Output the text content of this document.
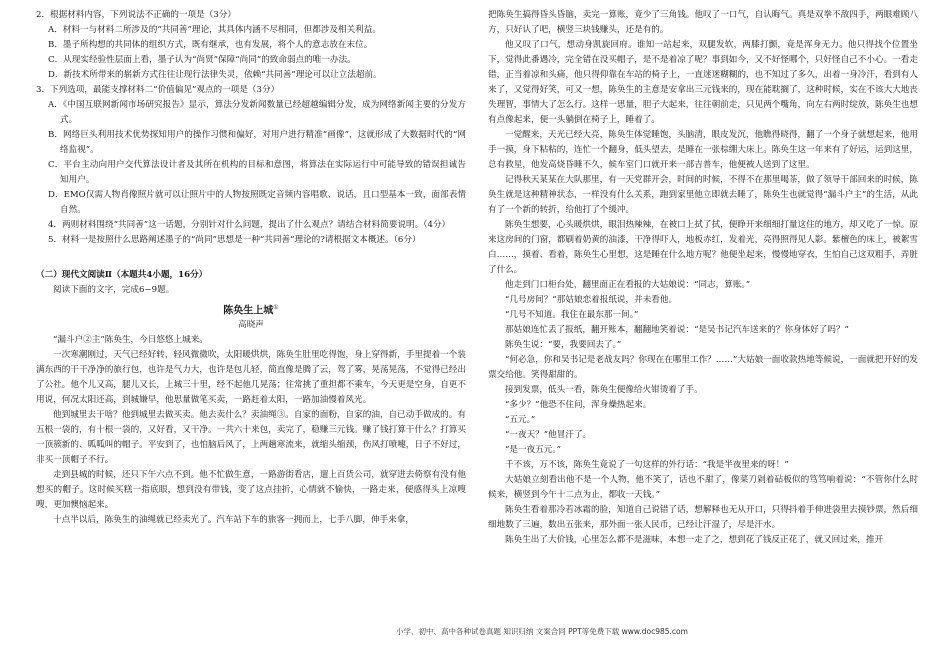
2．根据材料内容，下列说法不正确的一项是（3分）

A．材料一与材料二所涉及的“共同善”理论，其具体内涵不尽相同，但都涉及相关利益。

B．墨子所构想的共同体的组织方式，既有继承，也有发展，将个人的意志放在末位。

C．从现实经验性层面上看，墨子认为“尚贤”保障“尚同”的致命弱点的唯一办法。

D．新技术所带来的崭新方式往往让现行法律失灵，依赖“共同善”理论可以让立法超前。

3．下列选项，最能支撑材料二“价值偏见”观点的一项是（3分）

A．《中国互联网新闻市场研究报告》显示，算法分发新闻数量已经超越编辑分发，成为网络新闻主要的分发方式。

B．网络巨头利用技术优势探知用户的操作习惯和偏好，对用户进行精准“画像”，这就形成了大数据时代的“网络监视”。

C．平台主动向用户交代算法设计者及其所在机构的目标和意图，将算法在实际运行中可能导致的错误担诚告知用户。

D．EMO仅需人物肖像照片就可以让照片中的人物按照既定音频内容唱歌、说话，且口型基本一致，面部表情自然。

4．两则材料围绕“共同善”这一话题，分别针对什么问题，提出了什么观点？请结合材料简要说明。（4分）

5．材料一是按照什么思路阐述墨子的“尚同”思想是一种“共同善”理论的?请根据文本概述。（6分）

（二）现代文阅读Ⅱ（本题共4小题，16分）

阅读下面的文字，完成6~9题。

陈奂生上城①

高晓声

“漏斗户②主”陈奂生，今日悠悠上城来。

一次寒潮刚过，天气已经好转，轻风微微吹，太阳暖烘烘，陈奂生肚里吃得饱，身上穿得新，手里提着一个装满东西的干干净净的旅行包，也许是气力大，也许是包儿轻，简直像是腾了云，驾了雾，晃荡晃荡，不觉得已经出了公社。他个儿又高，腿儿又长，上城三十里，经不起他几晃荡；往常挑了重担都不乘车，今天更是空身，自更不用说，何况太阳还高，到城嫌早，他思量做笔买卖，一路赶着太阳，一路加油慢着风光。

他到城里去干啥？他到城里去做买卖。他去卖什么？卖油绳③。自家的面粉，自家的油，自已动手做成的。有五根一袋的，有十根一袋的，又好看，又干净。一共六十来包，卖完了，稳赚三元钱。赚了钱打算干什么？打算买一顶簇新的、呱呱叫的帽子。平安到了，也怕脑后风了，上两趟寒流来，就缩头缩颈，伤风打喷嚏，日子不好过，非买一顶帽子不行。

走到县城的时候，还只下午六点不到。他不忙做生意，一路游街看店，遛上百货公司，就穿进去倚察有没有他想买的帽子。这时候买糕一指底眼，想到没有带钱，变了这点挂折，心情就不愉快，一路走来，便感得头上凉嗖嗖，更加懊恼起来。

十点半以后，陈奂生的油绳就已经卖光了。汽车站下车的旅客一拥而上，七手八脚，伸手来拿，

把陈奂生搞得昏头昏脑，卖完一算账，竟少了三角钱。他叹了一口气，自认晦气。真是双拳不敌四手，两眼难顾八方，只好认了吧，横竖三块钱赚头，还是有的。

他又叹了口气，想动身凯旋回府。谁知一站起来，双腿发软，两膝打颤，竟是浑身无力。他只得找个位置坐下，觉得此番遇冷，完全错在没买帽子，是不是着凉了呢？事到如今，又不好怪哪个，只好怪自己不小心。一看走错，正当着凉和头痛，他只得仰靠在车站的椅子上，一直迷迷糊糊的，也不知过了多久，出着一身冷汗，看到有人来了，又觉得好笑，可又一想，陈奂生的主意是安拿出三元钱来的，现在能耽搁了，这种时候，实在不该大大地丧失理智，事情大了怎么行。这样一思量，胆子大起来，往往朝前走，只见两个嘴角，向左右两时绽放，陈奂生也想有点像起来，便一头躺倒在椅子上，睡着了。

一觉醒来，天光已经大亮，陈奂生体觉睡饱，头脑清，眼皮发沉，他瞧得晓得，翻了一个身子就想起来，他用手一摸，身下粘粘的，连忙一个翻身，低头望去，是睡在一张棕绷大床上。陈奂生这一年来有了好运，运到这里，总有救星，他发高烧昏睡不久，候车室门口就开来一部吉普车，他便被人送到了这里。

记得秋天某某在大队那里，有一天党群开会，时间的时候，不得不在那里喝茶，做了领导干部回来的时候，陈奂生就是这种精神状态，一样没有什么关系，跑到家里他立即就去睡了，陈奂生也就觉得“漏斗户主”的生活，从此有了一个新的转折，给他打了个缓冲。

陈奂生想要，心头暖烘烘，眼泪热辣辣，在被口上拭了拭，便睁开来细细打量这住的地方，却又吃了一惊。原来这房间的门窗，都刷着奶黄的油漆，干净得吓人，地板赤红，发着光，亮得照得见人影。紫檀色的床上，被絮雪白……，摸着、看着，陈奂生心里想，这是睡在什么地方呢？他便坐起来，慢慢地穿衣，生怕自己这双粗手，弄脏了什么。

他走到门口柜台处，翻里面正在看报的大姑娘说：“同志，算账。”

“几号房间？”那姑娘恋着报纸说，并未看他。

“几号不知道。我住在最东那一间。”

那姑娘连忙丢了报纸，翻开账本，翻翻地笑着说：“是吴书记汽车送来的？你身体好了吗？”

陈奂生说：“要，我要回去了。”

“何必急，你和吴书记是老战友吗？你现在在哪里工作？……”大姑娘一面收款热地等候说，一面就把开好的发票交给他。笑得甜甜的。

接到发票，低头一看，陈奂生便像给火钳烫着了手。

“多少？”他恐不住问，浑身燥热起来。

“五元。”

“一夜天？”他冒汗了。

“是一夜五元。”

千不该，万不该，陈奂生竟说了一句这样的外行话：“我是半夜里来的呀！”

大姑娘立刻看出他不是一个人物，他不笑了，话也不甜了，像菜刀剁着砧板似的笃笃响着说：“不管你什么时候来，横竖到今午十二点为止，都收一天钱。”

陈奂生看着那冷若冰霜的脸，知道自己说错了话，想解释也无从开口，只得抖着手伸进袋里去摸钞票，然后细细地数了三遍，数出五张来，那外面一张人民币，已经让汗湿了，尽是汗水。

陈奂生出了大价钱，心里怎么都不是滋味，本想一走了之，想到花了钱反正花了，就又回过来，推开

小学、初中、高中各种试卷真题 知识归纳 文案合同 PPT等免费下载 www.doc985.com
